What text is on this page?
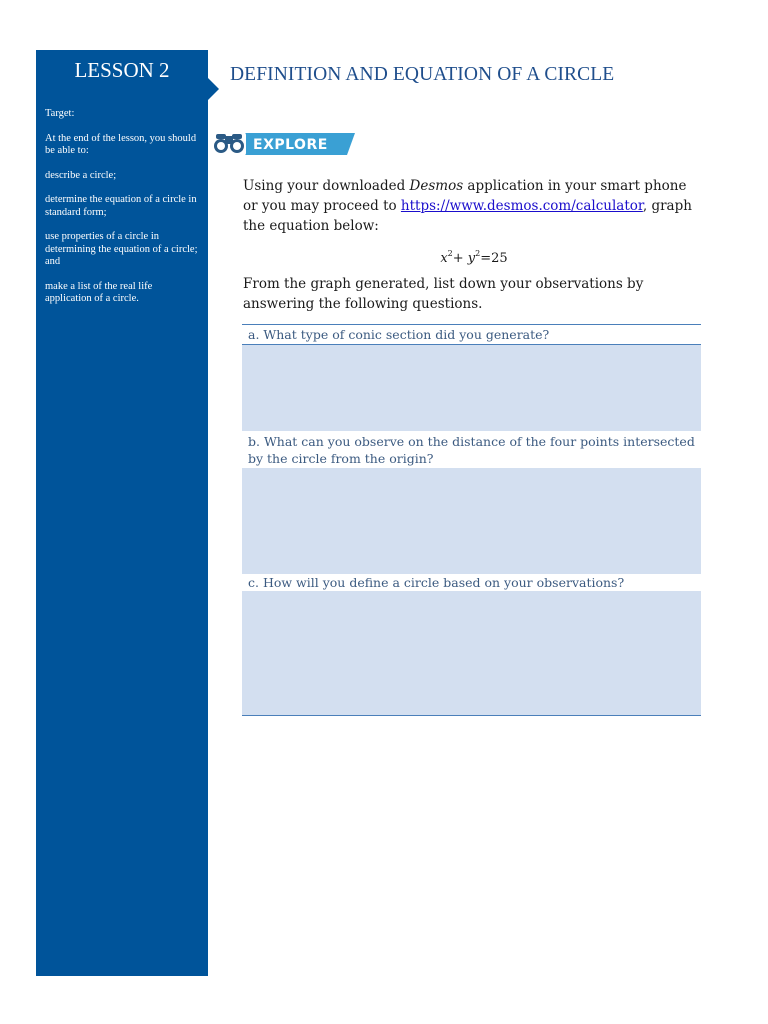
LESSON 2

Target:

At the end of the lesson, you should be able to:

describe a circle;

determine the equation of a circle in standard form;

use properties of a circle in determining the equation of a circle; and

make a list of the real life application of a circle.

DEFINITION AND EQUATION OF A CIRCLE
EXPLORE

Using your downloaded Desmos application in your smart phone or you may proceed to https://www.desmos.com/calculator, graph the equation below:

$x^2+ y^2=25$
From the graph generated, list down your observations by answering the following questions.
a. What type of conic section did you generate?
b. What can you observe on the distance of the four points intersected by the circle from the origin?
c. How will you define a circle based on your observations?
